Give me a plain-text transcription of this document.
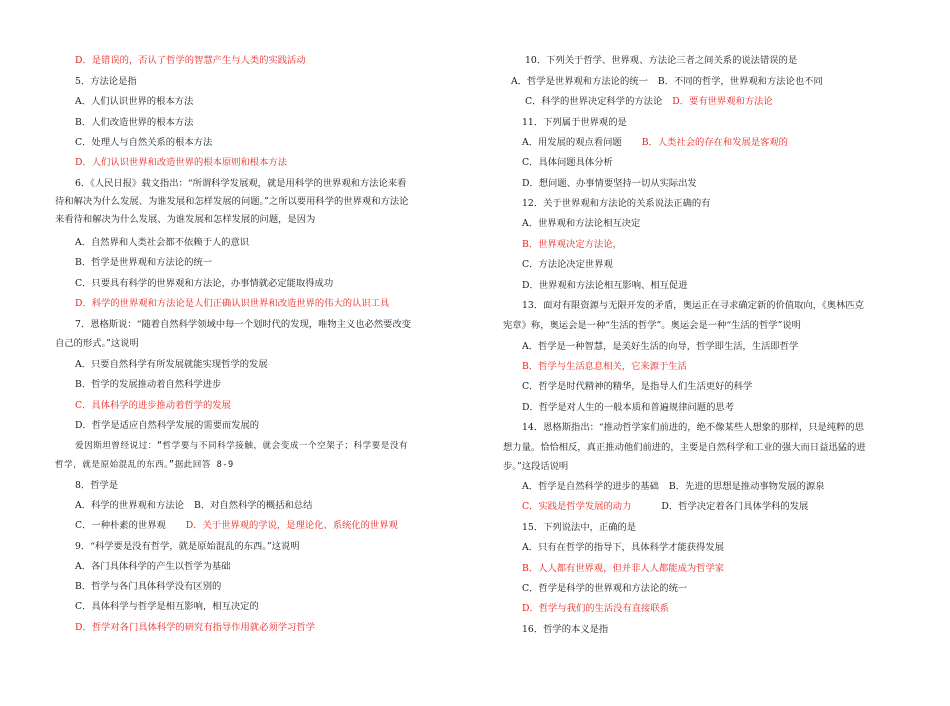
D．是错误的，否认了哲学的智慧产生与人类的实践活动
5．方法论是指
A．人们认识世界的根本方法
B．人们改造世界的根本方法
C．处理人与自然关系的根本方法
D．人们认识世界和改造世界的根本原则和根本方法
6．《人民日报》载文指出：“所谓科学发展观，就是用科学的世界观和方法论来看
待和解决为什么发展、为谁发展和怎样发展的问题。”之所以要用科学的世界观和方法论
来看待和解决为什么发展、为谁发展和怎样发展的问题，是因为
A．自然界和人类社会都不依赖于人的意识
B．哲学是世界观和方法论的统一
C．只要具有科学的世界观和方法论，办事情就必定能取得成功
D．科学的世界观和方法论是人们正确认识世界和改造世界的伟大的认识工具
7．恩格斯说：“随着自然科学领域中每一个划时代的发现，唯物主义也必然要改变
自己的形式。”这说明
A．只要自然科学有所发展就能实现哲学的发展
B．哲学的发展推动着自然科学进步
C．具体科学的进步推动着哲学的发展
D．哲学是适应自然科学发展的需要而发展的
爱因斯坦曾经说过：“哲学要与不同科学接触，就会变成一个空架子；科学要是没有
哲学，就是原始混乱的东西。”据此回答 8-9
8．哲学是
A．科学的世界观和方法论 B．对自然科学的概括和总结
C．一种朴素的世界观 D．关于世界观的学说，是理论化、系统化的世界观
9．“科学要是没有哲学，就是原始混乱的东西。”这说明
A．各门具体科学的产生以哲学为基础
B．哲学与各门具体科学没有区别的
C．具体科学与哲学是相互影响，相互决定的
D．哲学对各门具体科学的研究有指导作用就必须学习哲学
10．下列关于哲学、世界观、方法论三者之间关系的说法错误的是
A．哲学是世界观和方法论的统一 B．不同的哲学，世界观和方法论也不同
C．科学的世界决定科学的方法论 D．要有世界观和方法论
11．下列属于世界观的是
A．用发展的观点看问题 B．人类社会的存在和发展是客观的
C．具体问题具体分析
D．想问题、办事情要坚持一切从实际出发
12．关于世界观和方法论的关系说法正确的有
A．世界观和方法论相互决定
B．世界观决定方法论，
C．方法论决定世界观
D．世界观和方法论相互影响、相互促进
13．面对有限资源与无限开发的矛盾，奥运正在寻求确定新的价值取向，《奥林匹克
宪章》称，奥运会是一种“生活的哲学”。奥运会是一种“生活的哲学”说明
A．哲学是一种智慧，是美好生活的向导，哲学即生活，生活即哲学
B．哲学与生活息息相关，它来源于生活
C．哲学是时代精神的精华，是指导人们生活更好的科学
D．哲学是对人生的一般本质和普遍规律问题的思考
14．恩格斯指出：“推动哲学家们前进的，绝不像某些人想象的那样，只是纯粹的思
想力量。恰恰相反，真正推动他们前进的，主要是自然科学和工业的强大而日益迅猛的进
步。”这段话说明
A．哲学是自然科学的进步的基础 B．先进的思想是推动事物发展的源泉
C．实践是哲学发展的动力	D．哲学决定着各门具体学科的发展
15．下列说法中，正确的是
A．只有在哲学的指导下，具体科学才能获得发展
B．人人都有世界观，但并非人人都能成为哲学家
C．哲学是科学的世界观和方法论的统一
D．哲学与我们的生活没有直接联系
16．哲学的本义是指
